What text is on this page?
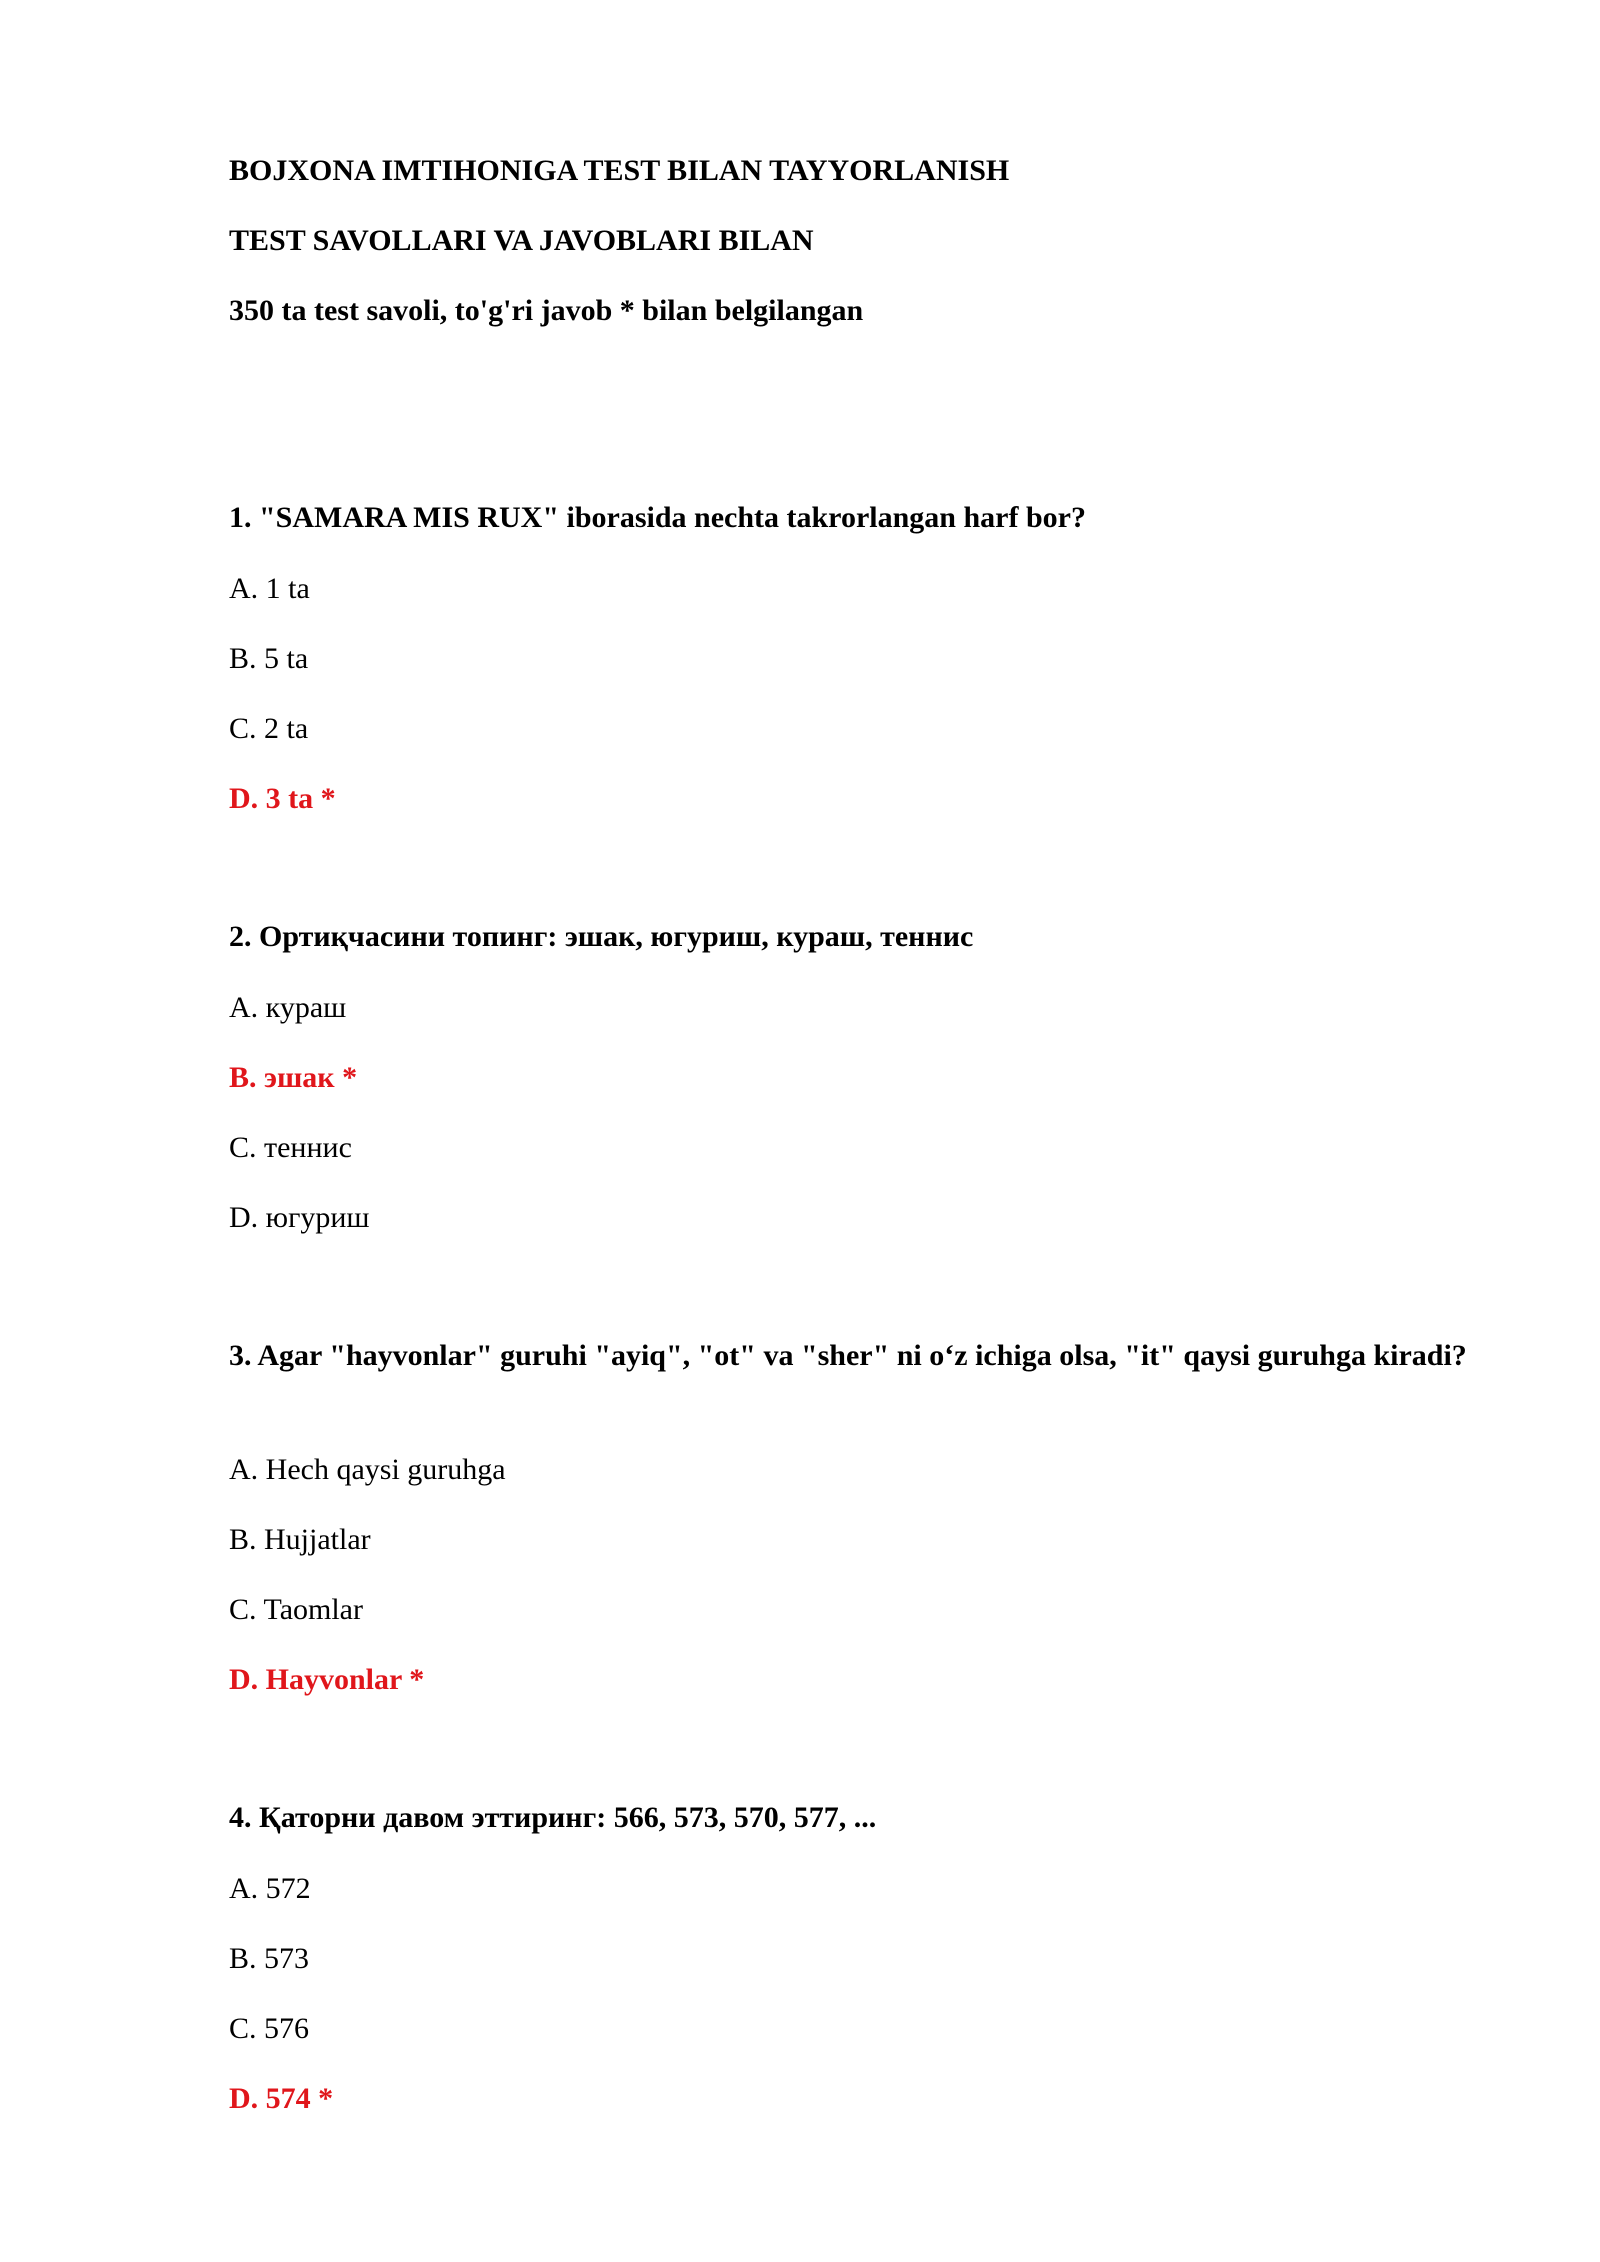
BOJXONA IMTIHONIGA TEST BILAN TAYYORLANISH
TEST SAVOLLARI VA JAVOBLARI BILAN
350 ta test savoli, to'g'ri javob * bilan belgilangan
1. "SAMARA MIS RUX" iborasida nechta takrorlangan harf bor?
A. 1 ta
B. 5 ta
C. 2 ta
D. 3 ta *
2. Ортиқчасини топинг: эшак, югуриш, кураш, теннис
A. кураш
B. эшак *
C. теннис
D. югуриш
3. Agar "hayvonlar" guruhi "ayiq", "ot" va "sher" ni o‘z ichiga olsa, "it" qaysi guruhga kiradi?
A. Hech qaysi guruhga
B. Hujjatlar
C. Taomlar
D. Hayvonlar *
4. Қаторни давом эттиринг: 566, 573, 570, 577, ...
A. 572
B. 573
C. 576
D. 574 *
